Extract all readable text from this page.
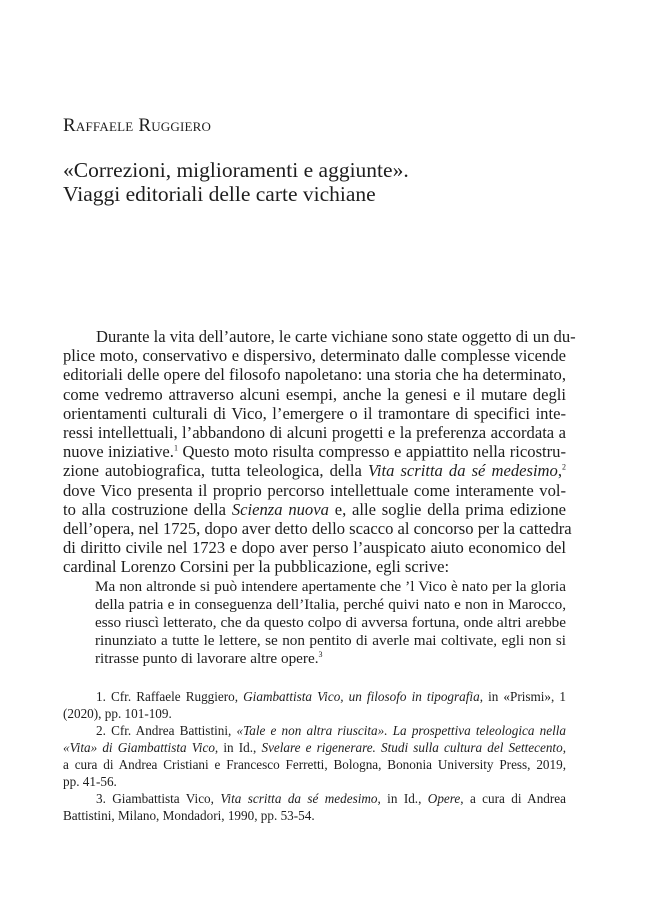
Raffaele Ruggiero
«Correzioni, miglioramenti e aggiunte».
Viaggi editoriali delle carte vichiane
Durante la vita dell’autore, le carte vichiane sono state oggetto di un du-
plice moto, conservativo e dispersivo, determinato dalle complesse vicende
editoriali delle opere del filosofo napoletano: una storia che ha determinato,
come vedremo attraverso alcuni esempi, anche la genesi e il mutare degli
orientamenti culturali di Vico, l’emergere o il tramontare di specifici inte-
ressi intellettuali, l’abbandono di alcuni progetti e la preferenza accordata a
nuove iniziative.$^1$ Questo moto risulta compresso e appiattito nella ricostru-
zione autobiografica, tutta teleologica, della Vita scritta da sé medesimo,$^2$
dove Vico presenta il proprio percorso intellettuale come interamente vol-
to alla costruzione della Scienza nuova e, alle soglie della prima edizione
dell’opera, nel 1725, dopo aver detto dello scacco al concorso per la cattedra
di diritto civile nel 1723 e dopo aver perso l’auspicato aiuto economico del
cardinal Lorenzo Corsini per la pubblicazione, egli scrive:
Ma non altronde si può intendere apertamente che ’l Vico è nato per la gloria
della patria e in conseguenza dell’Italia, perché quivi nato e non in Marocco,
esso riuscì letterato, che da questo colpo di avversa fortuna, onde altri arebbe
rinunziato a tutte le lettere, se non pentito di averle mai coltivate, egli non si
ritrasse punto di lavorare altre opere.$^3$
1. Cfr. Raffaele Ruggiero, Giambattista Vico, un filosofo in tipografia, in «Prismi», 1
(2020), pp. 101-109.
2. Cfr. Andrea Battistini, «Tale e non altra riuscita». La prospettiva teleologica nella
«Vita» di Giambattista Vico, in Id., Svelare e rigenerare. Studi sulla cultura del Settecento,
a cura di Andrea Cristiani e Francesco Ferretti, Bologna, Bononia University Press, 2019,
pp. 41-56.
3. Giambattista Vico, Vita scritta da sé medesimo, in Id., Opere, a cura di Andrea
Battistini, Milano, Mondadori, 1990, pp. 53-54.
